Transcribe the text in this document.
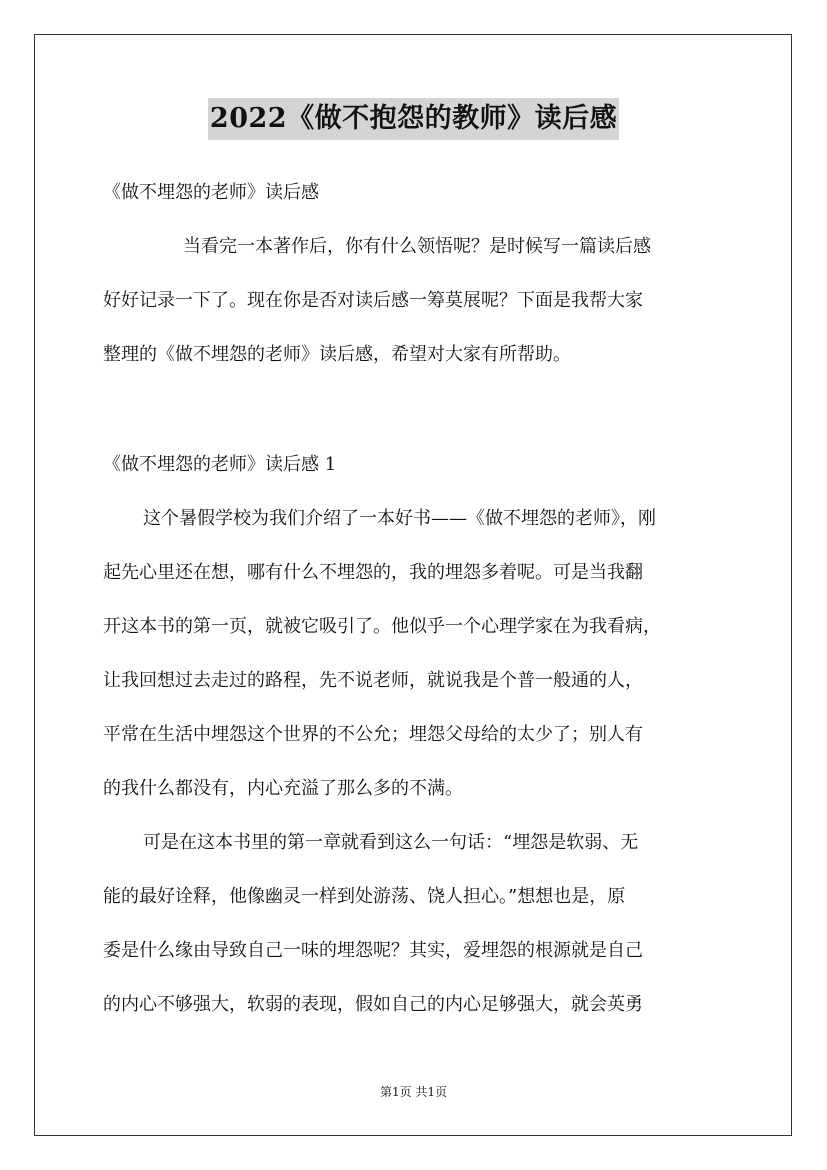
2022《做不抱怨的教师》读后感
《做不埋怨的老师》读后感
当看完一本著作后，你有什么领悟呢？是时候写一篇读后感
好好记录一下了。现在你是否对读后感一筹莫展呢？下面是我帮大家
整理的《做不埋怨的老师》读后感，希望对大家有所帮助。
《做不埋怨的老师》读后感 1
这个暑假学校为我们介绍了一本好书——《做不埋怨的老师》，刚
起先心里还在想，哪有什么不埋怨的，我的埋怨多着呢。可是当我翻
开这本书的第一页，就被它吸引了。他似乎一个心理学家在为我看病，
让我回想过去走过的路程，先不说老师，就说我是个普一般通的人，
平常在生活中埋怨这个世界的不公允；埋怨父母给的太少了；别人有
的我什么都没有，内心充溢了那么多的不满。
可是在这本书里的第一章就看到这么一句话：“埋怨是软弱、无
能的最好诠释，他像幽灵一样到处游荡、饶人担心。”想想也是，原
委是什么缘由导致自己一味的埋怨呢？其实，爱埋怨的根源就是自己
的内心不够强大，软弱的表现，假如自己的内心足够强大，就会英勇
第1页 共1页
